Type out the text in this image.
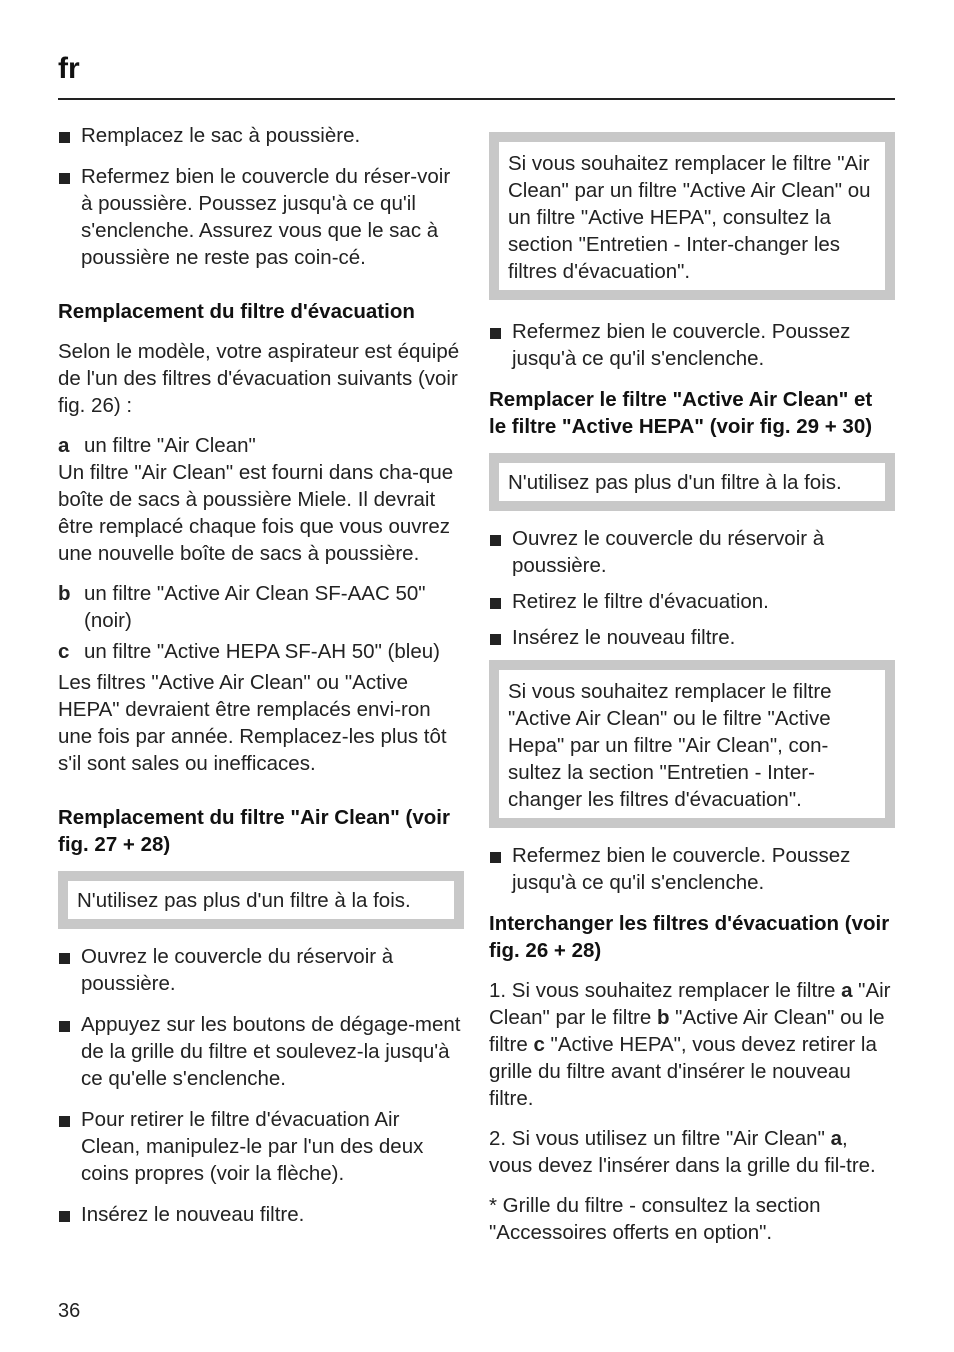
fr
Remplacez le sac à poussière.
Refermez bien le couvercle du réser-voir à poussière. Poussez jusqu'à ce qu'il s'enclenche. Assurez vous que le sac à poussière ne reste pas coin-cé.
Remplacement du filtre d'évacuation

Selon le modèle, votre aspirateur est équipé de l'un des filtres d'évacuation suivants (voir fig. 26) :

a un filtre "Air Clean"

Un filtre "Air Clean" est fourni dans cha-que boîte de sacs à poussière Miele. Il devrait être remplacé chaque fois que vous ouvrez une nouvelle boîte de sacs à poussière.

b un filtre "Active Air Clean SF-AAC 50" (noir)
c un filtre "Active HEPA SF-AH 50" (bleu)

Les filtres "Active Air Clean" ou "Active HEPA" devraient être remplacés envi-ron une fois par année. Remplacez-les plus tôt s'il sont sales ou inefficaces.

Remplacement du filtre "Air Clean" (voir fig. 27 + 28)
N'utilisez pas plus d'un filtre à la fois.
Ouvrez le couvercle du réservoir à poussière.
Appuyez sur les boutons de dégage-ment de la grille du filtre et soulevez-la jusqu'à ce qu'elle s'enclenche.
Pour retirer le filtre d'évacuation Air Clean, manipulez-le par l'un des deux coins propres (voir la flèche).
Insérez le nouveau filtre.
Si vous souhaitez remplacer le filtre "Air Clean" par un filtre "Active Air Clean" ou un filtre "Active HEPA", consultez la section "Entretien - Inter-changer les filtres d'évacuation".
Refermez bien le couvercle. Poussez jusqu'à ce qu'il s'enclenche.
Remplacer le filtre "Active Air Clean" et le filtre "Active HEPA" (voir fig. 29 + 30)
N'utilisez pas plus d'un filtre à la fois.
Ouvrez le couvercle du réservoir à poussière.
Retirez le filtre d'évacuation.
Insérez le nouveau filtre.
Si vous souhaitez remplacer le filtre "Active Air Clean" ou le filtre "Active Hepa" par un filtre "Air Clean", con-sultez la section "Entretien - Inter-changer les filtres d'évacuation".
Refermez bien le couvercle. Poussez jusqu'à ce qu'il s'enclenche.
Interchanger les filtres d'évacuation (voir fig. 26 + 28)

1. Si vous souhaitez remplacer le filtre a "Air Clean" par le filtre b "Active Air Clean" ou le filtre c "Active HEPA", vous devez retirer la grille du filtre avant d'insérer le nouveau filtre.

2. Si vous utilisez un filtre "Air Clean" a, vous devez l'insérer dans la grille du fil-tre.

* Grille du filtre - consultez la section "Accessoires offerts en option".

36
